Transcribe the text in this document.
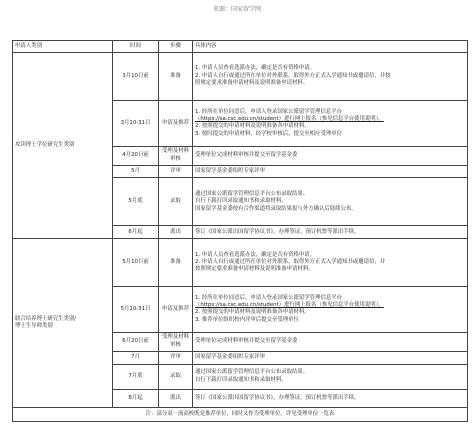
来源：国家留学网
申请人类别	时间	步骤	具体内容
攻读博士学位研究生类别	3月10日前	准备	1. 申请人员查看选派办法，确定是否有资格申请。
2. 申请人自行或通过所在单位对外联系，取得外方正式入学通知书或邀请信，并按
照规定要求准备申请材料及说明准备申请材料。

	3月10-31日	申请及推荐	1. 经所在单位同意后，申请人登录国家公派留学管理信息平台
（https://sa.csc.edu.cn/student）进行网上报名（参见信息平台使用说明）。
2. 按照提交的申请材料及说明准备各申请材料。
3. 按时提交的申请材料，经学校审核后，提交至相应受理单位

	4月20日前	受理及材料审核	受理单位完成材料审核并提交至留学基金委

	5月	评审	国家留学基金委组织专家评审

	5月底	录取	通过国家公派留学管理信息平台公布录取结果。
自行下载打印录取通知书和录取材料。
国家留学基金委按有合作渠道将录取结果报与外方确认后陆续公布。

	6月起	派出	签订《国家公派出国留学协议书》，办理签证，预订机票等派出手续。

联合培养博士研究生类别/
博士生导师类别	5月10日前	准备	1. 申请人员查看选派办法，确定是否有资格申请。
2. 申请人自行或通过所在单位对外联系，取得外方正式入学通知书或邀请信，并
按照规定要求准备申请材料及说明准备申请材料。

	5月10-31日	申请及推荐	1. 经所在单位同意后，申请人登录国家公派留学管理信息平台
（https://sa.csc.edu.cn/student）进行网上报名（参见信息平台使用说明）。
2. 按照提交的申请材料及说明准备各申请材料。
3. 推荐单位组织校内评审后提交至受理单位

	6月20日前	受理及材料审核	受理单位完成材料审核并提交至留学基金委

	7月	评审	国家留学基金委组织专家评审

	7月底	录取	通过国家公派留学管理信息平台公布录取结果。
自行下载打印录取通知书和录取材料。

	8月起	派出	签订《国家公派出国留学协议书》，办理签证，预订机票等派出手续。

注：部分双一流高校既是推荐单位，同时又作为受理单位，详见受理单位一览表			
